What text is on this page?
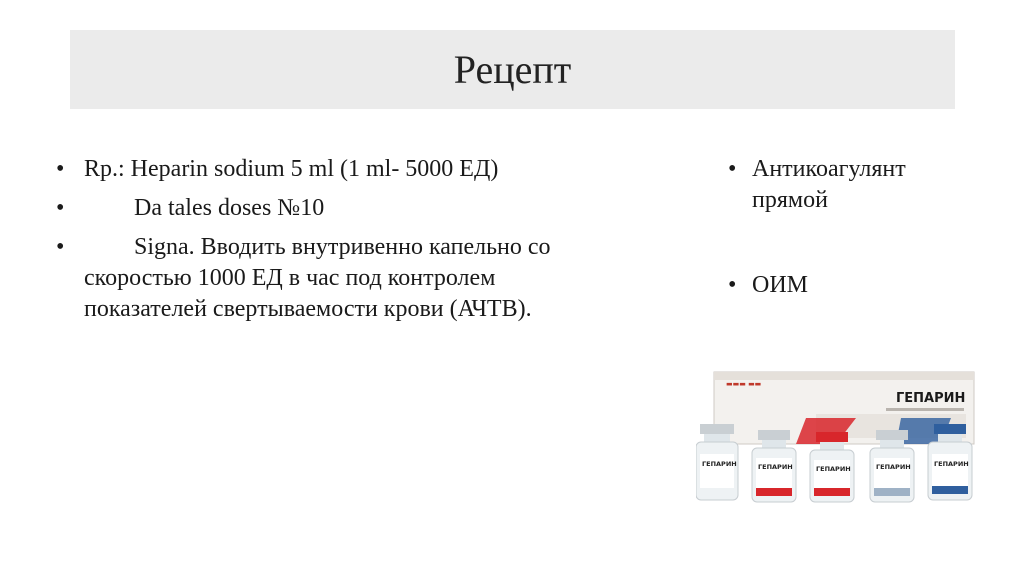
Рецепт
• Rp.: Heparin sodium 5 ml (1 ml- 5000 ЕД)
•	Da tales doses №10
•	Signa. Вводить внутривенно капельно со
скоростью 1000 ЕД в час под контролем
показателей свертываемости крови (АЧТВ).
• Антикоагулянт
прямой
• ОИМ
▬▬▬ ▬▬
ГЕПАРИН
ГЕПАРИН	ГЕПАРИН	ГЕПАРИН	ГЕПАРИН	ГЕПАРИН
